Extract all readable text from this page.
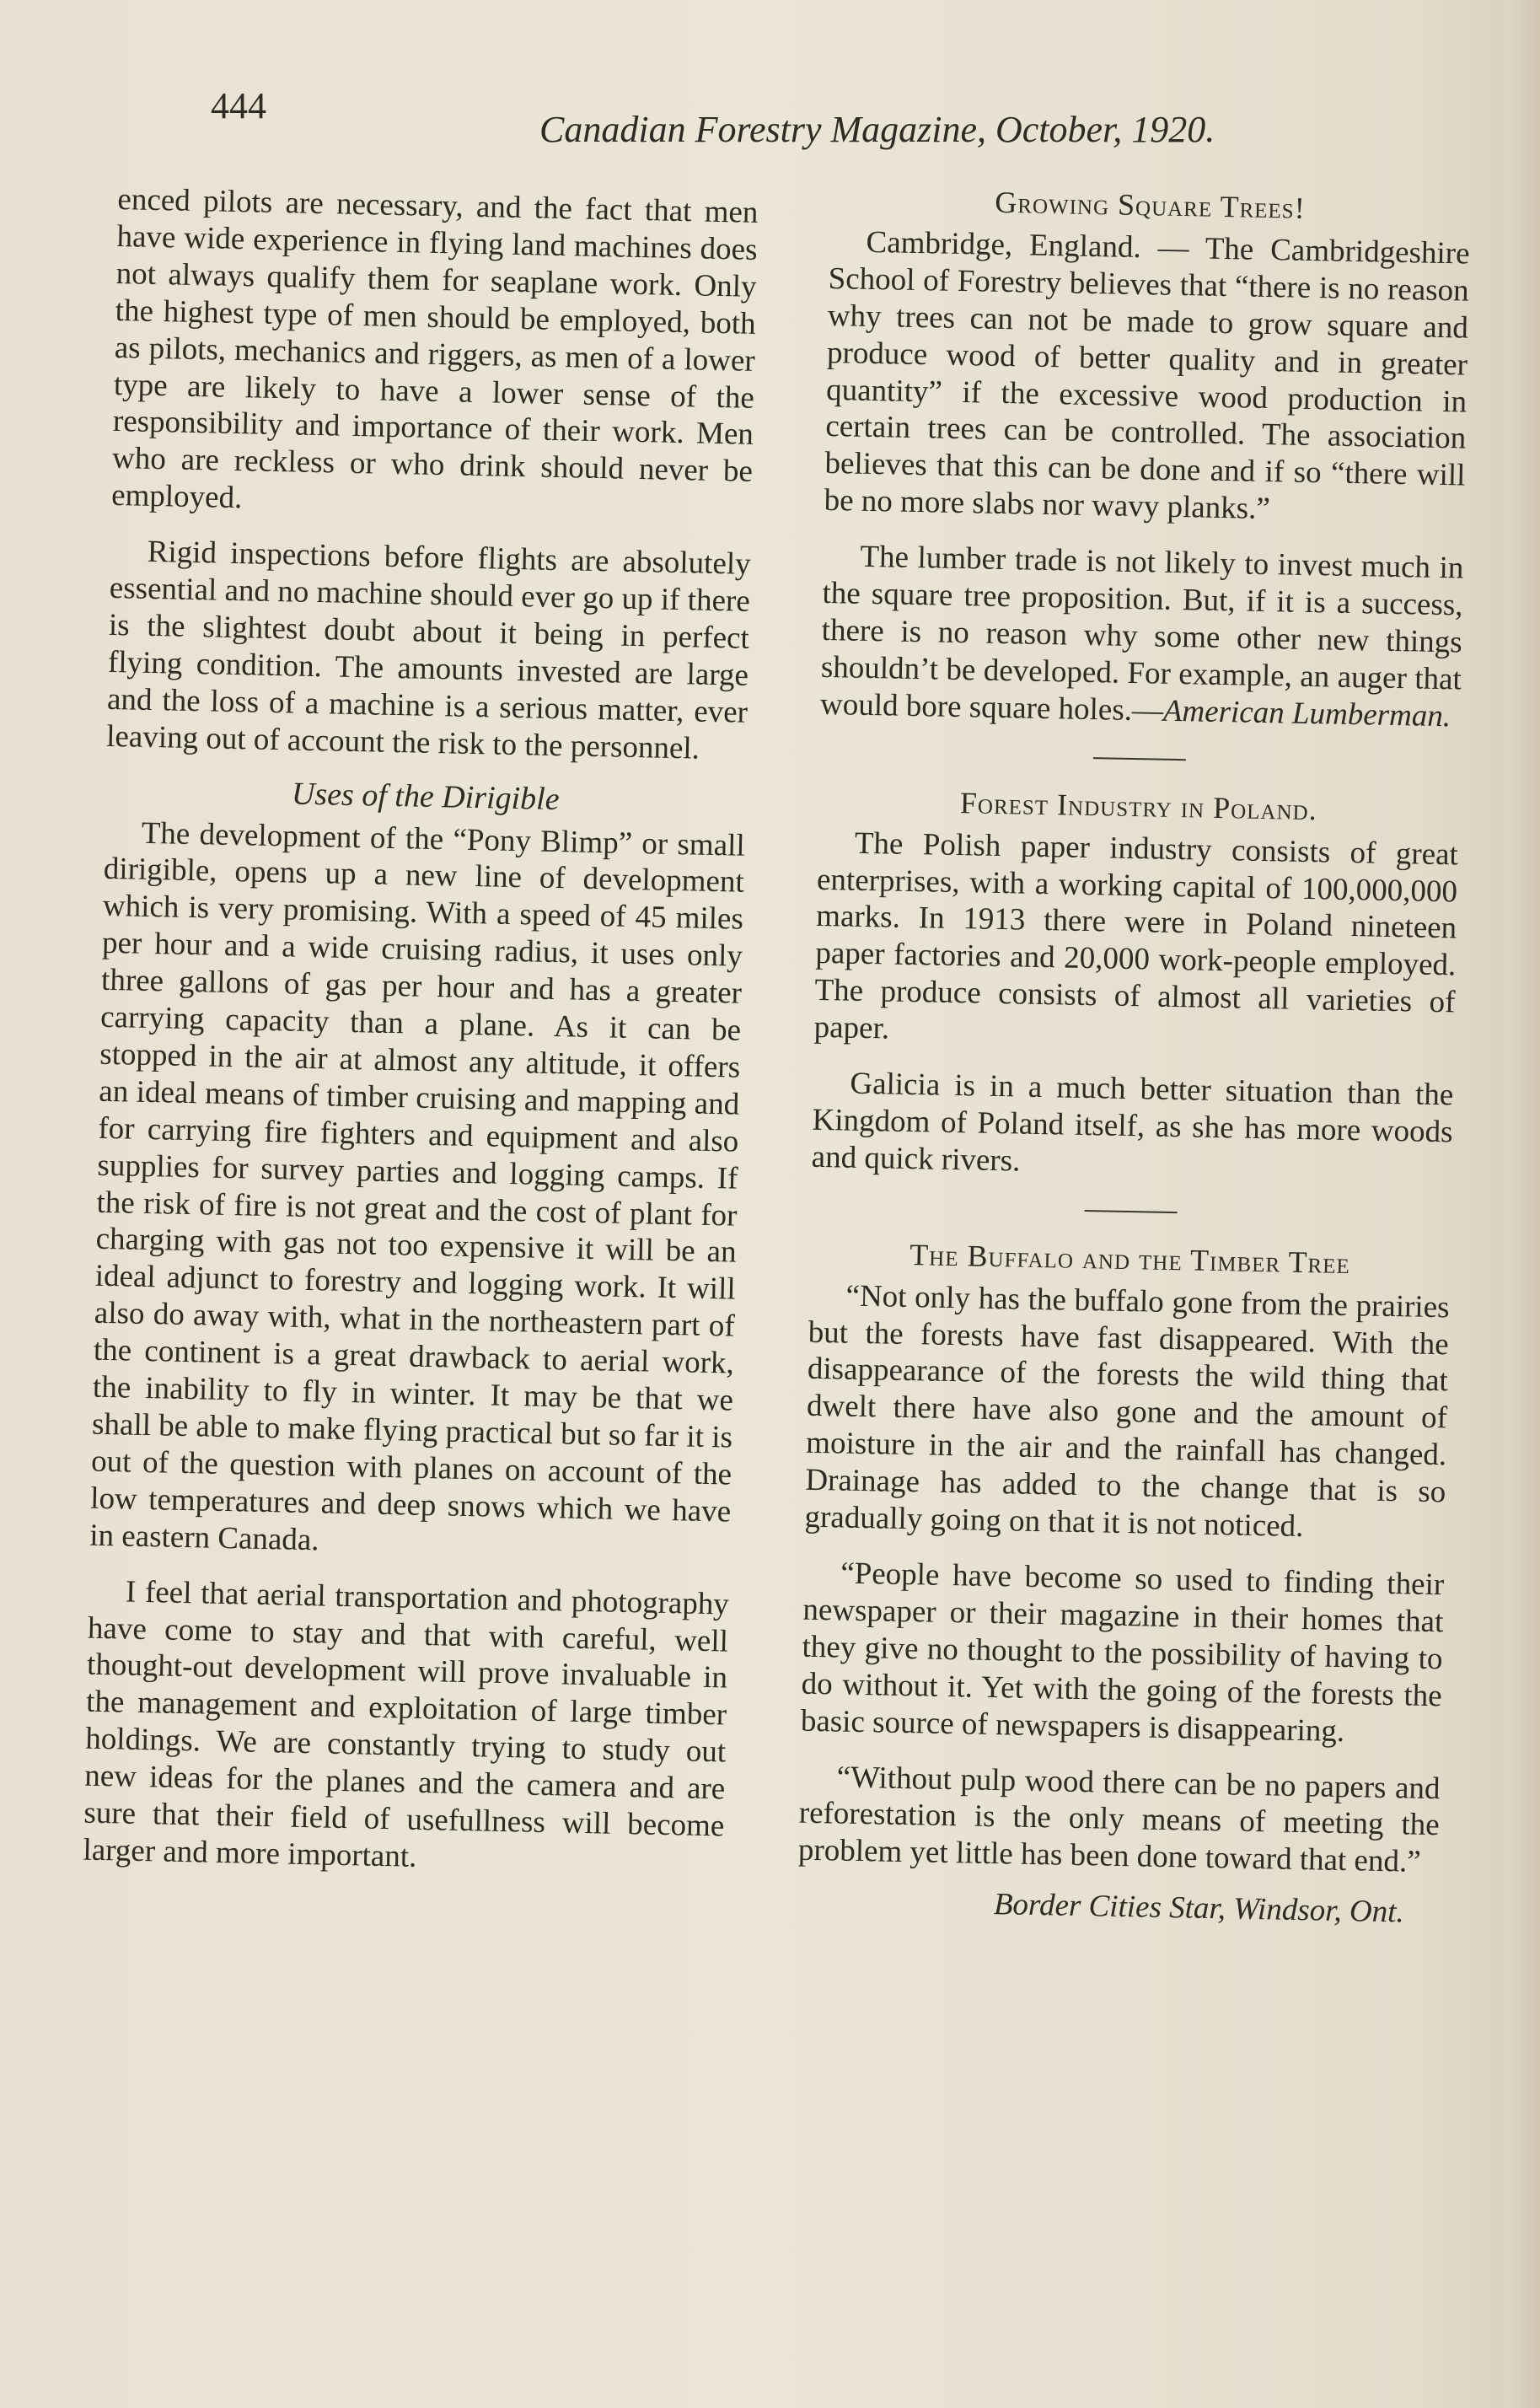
444
Canadian Forestry Magazine, October, 1920.

enced pilots are necessary, and the fact that men have wide experience in flying land machines does not always qualify them for seaplane work. Only the highest type of men should be employed, both as pilots, mechanics and riggers, as men of a lower type are likely to have a lower sense of the responsibility and importance of their work. Men who are reckless or who drink should never be employed.

Rigid inspections before flights are absolutely essential and no machine should ever go up if there is the slightest doubt about it being in perfect flying condition. The amounts invested are large and the loss of a machine is a serious matter, ever leaving out of account the risk to the personnel.

Uses of the Dirigible

The development of the “Pony Blimp” or small dirigible, opens up a new line of development which is very promising. With a speed of 45 miles per hour and a wide cruising radius, it uses only three gallons of gas per hour and has a greater carrying capacity than a plane. As it can be stopped in the air at almost any altitude, it offers an ideal means of timber cruising and mapping and for carrying fire fighters and equipment and also supplies for survey parties and logging camps. If the risk of fire is not great and the cost of plant for charging with gas not too expensive it will be an ideal adjunct to forestry and logging work. It will also do away with, what in the northeastern part of the continent is a great drawback to aerial work, the inability to fly in winter. It may be that we shall be able to make flying practical but so far it is out of the question with planes on account of the low temperatures and deep snows which we have in eastern Canada.

I feel that aerial transportation and photography have come to stay and that with careful, well thought-out development will prove invaluable in the management and exploitation of large timber holdings. We are constantly trying to study out new ideas for the planes and the camera and are sure that their field of usefullness will become larger and more important.

Growing Square Trees!

Cambridge, England. — The Cambridgeshire School of Forestry believes that “there is no reason why trees can not be made to grow square and produce wood of better quality and in greater quantity” if the excessive wood production in certain trees can be controlled. The association believes that this can be done and if so “there will be no more slabs nor wavy planks.”

The lumber trade is not likely to invest much in the square tree proposition. But, if it is a success, there is no reason why some other new things shouldn’t be developed. For example, an auger that would bore square holes.—American Lumberman.

Forest Industry in Poland.

The Polish paper industry consists of great enterprises, with a working capital of 100,000,000 marks. In 1913 there were in Poland nineteen paper factories and 20,000 work-people employed. The produce consists of almost all varieties of paper.

Galicia is in a much better situation than the Kingdom of Poland itself, as she has more woods and quick rivers.

The Buffalo and the Timber Tree

“Not only has the buffalo gone from the prairies but the forests have fast disappeared. With the disappearance of the forests the wild thing that dwelt there have also gone and the amount of moisture in the air and the rainfall has changed. Drainage has added to the change that is so gradually going on that it is not noticed.

“People have become so used to finding their newspaper or their magazine in their homes that they give no thought to the possibility of having to do without it. Yet with the going of the forests the basic source of newspapers is disappearing.

“Without pulp wood there can be no papers and reforestation is the only means of meeting the problem yet little has been done toward that end.”

Border Cities Star, Windsor, Ont.
